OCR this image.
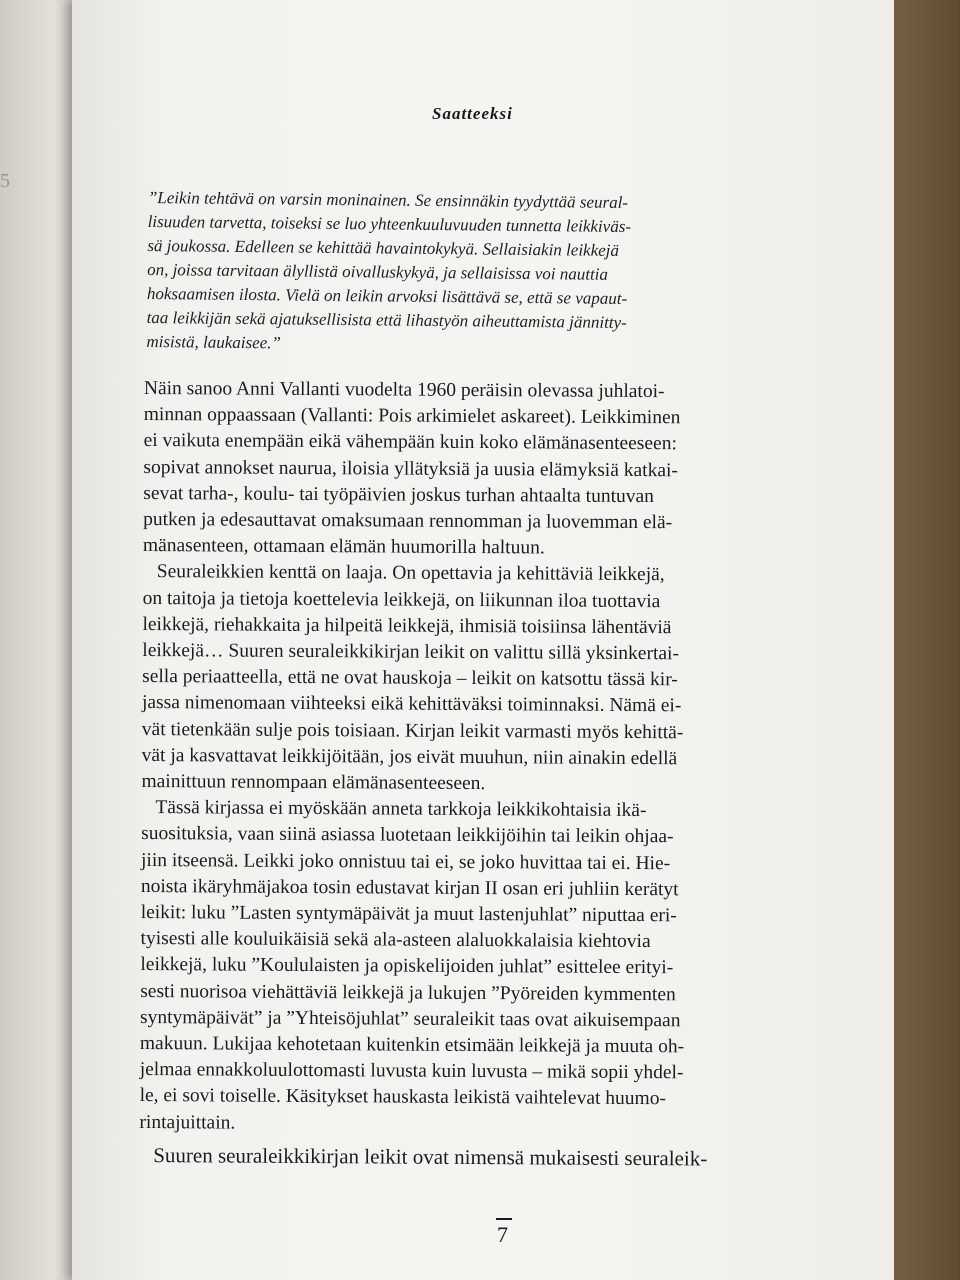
5
Saatteeksi
”Leikin tehtävä on varsin moninainen. Se ensinnäkin tyydyttää seural-
lisuuden tarvetta, toiseksi se luo yhteenkuuluvuuden tunnetta leikkiväs-
sä joukossa. Edelleen se kehittää havaintokykyä. Sellaisiakin leikkejä
on, joissa tarvitaan älyllistä oivalluskykyä, ja sellaisissa voi nauttia
hoksaamisen ilosta. Vielä on leikin arvoksi lisättävä se, että se vapaut-
taa leikkijän sekä ajatuksellisista että lihastyön aiheuttamista jännitty-
misistä, laukaisee.”
Näin sanoo Anni Vallanti vuodelta 1960 peräisin olevassa juhlatoi-
minnan oppaassaan (Vallanti: Pois arkimielet askareet). Leikkiminen
ei vaikuta enempään eikä vähempään kuin koko elämänasenteeseen:
sopivat annokset naurua, iloisia yllätyksiä ja uusia elämyksiä katkai-
sevat tarha-, koulu- tai työpäivien joskus turhan ahtaalta tuntuvan
putken ja edesauttavat omaksumaan rennomman ja luovemman elä-
mänasenteen, ottamaan elämän huumorilla haltuun.
Seuraleikkien kenttä on laaja. On opettavia ja kehittäviä leikkejä,
on taitoja ja tietoja koettelevia leikkejä, on liikunnan iloa tuottavia
leikkejä, riehakkaita ja hilpeitä leikkejä, ihmisiä toisiinsa lähentäviä
leikkejä… Suuren seuraleikkikirjan leikit on valittu sillä yksinkertai-
sella periaatteella, että ne ovat hauskoja – leikit on katsottu tässä kir-
jassa nimenomaan viihteeksi eikä kehittäväksi toiminnaksi. Nämä ei-
vät tietenkään sulje pois toisiaan. Kirjan leikit varmasti myös kehittä-
vät ja kasvattavat leikkijöitään, jos eivät muuhun, niin ainakin edellä
mainittuun rennompaan elämänasenteeseen.
Tässä kirjassa ei myöskään anneta tarkkoja leikkikohtaisia ikä-
suosituksia, vaan siinä asiassa luotetaan leikkijöihin tai leikin ohjaa-
jiin itseensä. Leikki joko onnistuu tai ei, se joko huvittaa tai ei. Hie-
noista ikäryhmäjakoa tosin edustavat kirjan II osan eri juhliin kerätyt
leikit: luku ”Lasten syntymäpäivät ja muut lastenjuhlat” niputtaa eri-
tyisesti alle kouluikäisiä sekä ala-asteen alaluokkalaisia kiehtovia
leikkejä, luku ”Koululaisten ja opiskelijoiden juhlat” esittelee erityi-
sesti nuorisoa viehättäviä leikkejä ja lukujen ”Pyöreiden kymmenten
syntymäpäivät” ja ”Yhteisöjuhlat” seuraleikit taas ovat aikuisempaan
makuun. Lukijaa kehotetaan kuitenkin etsimään leikkejä ja muuta oh-
jelmaa ennakkoluulottomasti luvusta kuin luvusta – mikä sopii yhdel-
le, ei sovi toiselle. Käsitykset hauskasta leikistä vaihtelevat huumo-
rintajuittain.
Suuren seuraleikkikirjan leikit ovat nimensä mukaisesti seuraleik-
7
